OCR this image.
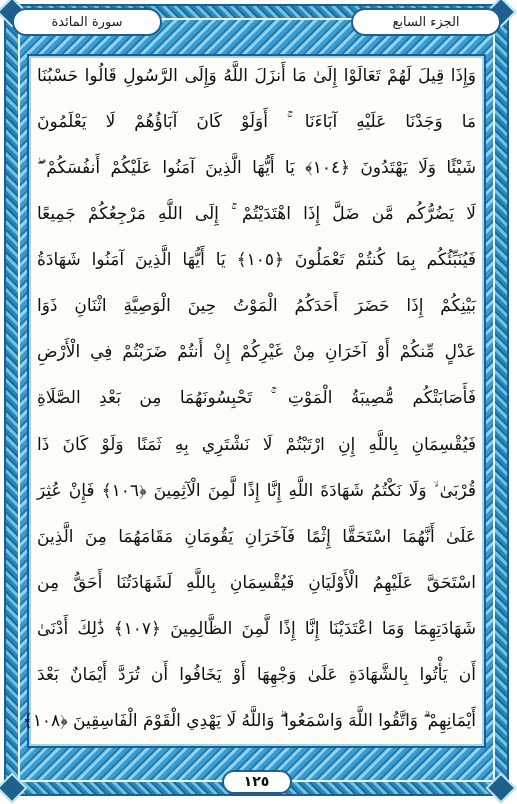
وَإِذَا قِيلَ لَهُمْ تَعَالَوْا إِلَىٰ مَا أَنزَلَ اللَّهُ وَإِلَى الرَّسُولِ قَالُوا حَسْبُنَا
مَا وَجَدْنَا عَلَيْهِ آبَاءَنَا ۚ أَوَلَوْ كَانَ آبَاؤُهُمْ لَا يَعْلَمُونَ
شَيْئًا وَلَا يَهْتَدُونَ ﴿١٠٤﴾ يَا أَيُّهَا الَّذِينَ آمَنُوا عَلَيْكُمْ أَنفُسَكُمْ ۖ
لَا يَضُرُّكُم مَّن ضَلَّ إِذَا اهْتَدَيْتُمْ ۚ إِلَى اللَّهِ مَرْجِعُكُمْ جَمِيعًا
فَيُنَبِّئُكُم بِمَا كُنتُمْ تَعْمَلُونَ ﴿١٠٥﴾ يَا أَيُّهَا الَّذِينَ آمَنُوا شَهَادَةُ
بَيْنِكُمْ إِذَا حَضَرَ أَحَدَكُمُ الْمَوْتُ حِينَ الْوَصِيَّةِ اثْنَانِ ذَوَا
عَدْلٍ مِّنكُمْ أَوْ آخَرَانِ مِنْ غَيْرِكُمْ إِنْ أَنتُمْ ضَرَبْتُمْ فِي الْأَرْضِ
فَأَصَابَتْكُم مُّصِيبَةُ الْمَوْتِ ۚ تَحْبِسُونَهُمَا مِن بَعْدِ الصَّلَاةِ
فَيُقْسِمَانِ بِاللَّهِ إِنِ ارْتَبْتُمْ لَا نَشْتَرِي بِهِ ثَمَنًا وَلَوْ كَانَ ذَا
قُرْبَىٰ ۙ وَلَا نَكْتُمُ شَهَادَةَ اللَّهِ إِنَّا إِذًا لَّمِنَ الْآثِمِينَ ﴿١٠٦﴾ فَإِنْ عُثِرَ
عَلَىٰ أَنَّهُمَا اسْتَحَقَّا إِثْمًا فَآخَرَانِ يَقُومَانِ مَقَامَهُمَا مِنَ الَّذِينَ
اسْتَحَقَّ عَلَيْهِمُ الْأَوْلَيَانِ فَيُقْسِمَانِ بِاللَّهِ لَشَهَادَتُنَا أَحَقُّ مِن
شَهَادَتِهِمَا وَمَا اعْتَدَيْنَا إِنَّا إِذًا لَّمِنَ الظَّالِمِينَ ﴿١٠٧﴾ ذَٰلِكَ أَدْنَىٰ
أَن يَأْتُوا بِالشَّهَادَةِ عَلَىٰ وَجْهِهَا أَوْ يَخَافُوا أَن تُرَدَّ أَيْمَانٌ بَعْدَ
أَيْمَانِهِمْ ۗ وَاتَّقُوا اللَّهَ وَاسْمَعُوا ۗ وَاللَّهُ لَا يَهْدِي الْقَوْمَ الْفَاسِقِينَ ﴿١٠٨﴾
الجزء السابع
سورة المائدة
١٢٥
